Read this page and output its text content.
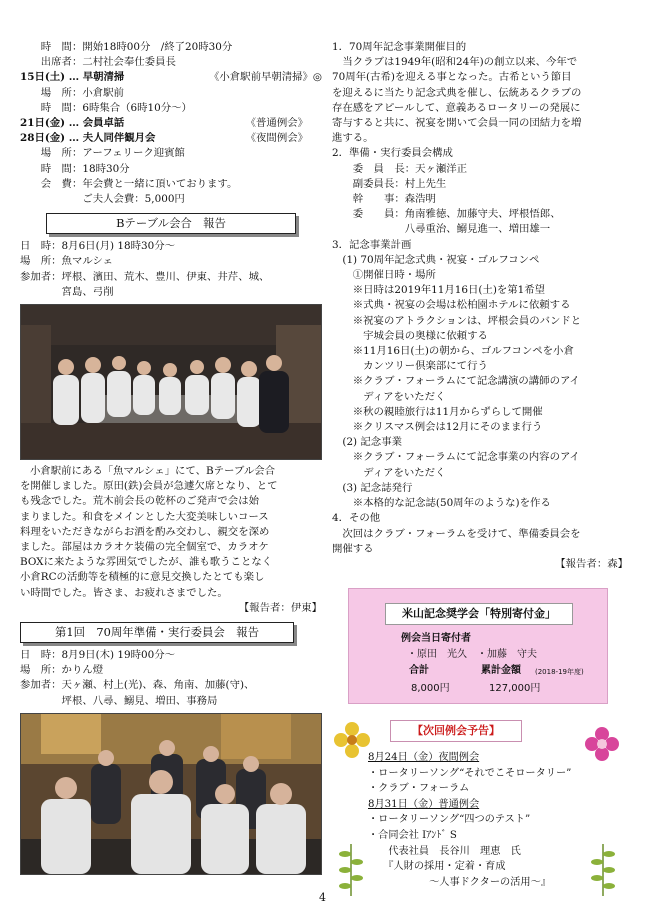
　　時　間：開始18時00分　/終了20時30分
　　出席者：二村社会奉仕委員長
15日(土) … 早朝清掃	《小倉駅前早朝清掃》◎
　　場　所：小倉駅前
　　時　間：6時集合（6時10分～）
21日(金) … 会員卓話	《普通例会》
28日(金) … 夫人同伴観月会	《夜間例会》
　　場　所：アーフェリーク迎賓館
　　時　間：18時30分
　　会　費：年会費と一緒に頂いております。
　　　　　　ご夫人会費：5,000円
Bテーブル会合　報告
日　時：8月6日(月) 18時30分～
場　所：魚マルシェ
参加者：坪根、濱田、荒木、豊川、伊東、井芹、城、
　　　　宮島、弓削
小倉駅前にある「魚マルシェ」にて、Bテーブル会合
を開催しました。原田(鉄)会員が急遽欠席となり、とて
も残念でした。荒木前会長の乾杯のご発声で会は始
まりました。和食をメインとした大変美味しいコース
料理をいただきながらお酒を酌み交わし、親交を深め
ました。部屋はカラオケ装備の完全個室で、カラオケ
BOXに来たような雰囲気でしたが、誰も歌うことなく
小倉RCの活動等を積極的に意見交換したとても楽し
い時間でした。皆さま、お疲れさまでした。
【報告者：伊東】
第1回　70周年準備・実行委員会　報告
日　時：8月9日(木) 19時00分～
場　所：かりん燈
参加者：天ヶ瀬、村上(光)、森、角南、加藤(守)、
　　　　坪根、八尋、鰯見、増田、事務局
1．70周年記念事業開催目的
　当クラブは1949年(昭和24年)の創立以来、今年で
70周年(古希)を迎える事となった。古希という節目
を迎えるに当たり記念式典を催し、伝統あるクラブの
存在感をアピールして、意義あるロータリーの発展に
寄与すると共に、祝宴を開いて会員一同の団結力を増
進する。
2．準備・実行委員会構成
　　委　員　長：天ヶ瀬洋正
　　副委員長：村上先生
　　幹　　事：森浩明
　　委　　員：角南雅徳、加藤守夫、坪根悟郎、
　　　　　　　八尋重治、鰯見進一、増田雄一
3．記念事業計画
　(1) 70周年記念式典・祝宴・ゴルフコンペ
　　①開催日時・場所
　　※日時は2019年11月16日(土)を第1希望
　　※式典・祝宴の会場は松柏園ホテルに依頼する
　　※祝宴のアトラクションは、坪根会員のバンドと
　　　宇城会員の奥様に依頼する
　　※11月16日(土)の朝から、ゴルフコンペを小倉
　　　カンツリー倶楽部にて行う
　　※クラブ・フォーラムにて記念講演の講師のアイ
　　　ディアをいただく
　　※秋の親睦旅行は11月からずらして開催
　　※クリスマス例会は12月にそのまま行う
　(2) 記念事業
　　※クラブ・フォーラムにて記念事業の内容のアイ
　　　ディアをいただく
　(3) 記念誌発行
　　※本格的な記念誌(50周年のような)を作る
4．その他
　次回はクラブ・フォーラムを受けて、準備委員会を
開催する
【報告者：森】
米山記念奨学会「特別寄付金」
例会当日寄付者
・原田　光久　・加藤　守夫
合計	累計金額 (2018-19年度)
8,000円	127,000円
【次回例会予告】
8月24日（金）夜間例会
・ロータリーソング“それでこそロータリー”
・クラブ・フォーラム
8月31日（金）普通例会
・ロータリーソング“四つのテスト”
・合同会社 Iｱﾝﾄﾞ S
　　代表社員　長谷川　理恵　氏
　　『人財の採用・定着・育成
　　　　　　～人事ドクターの活用～』
4
